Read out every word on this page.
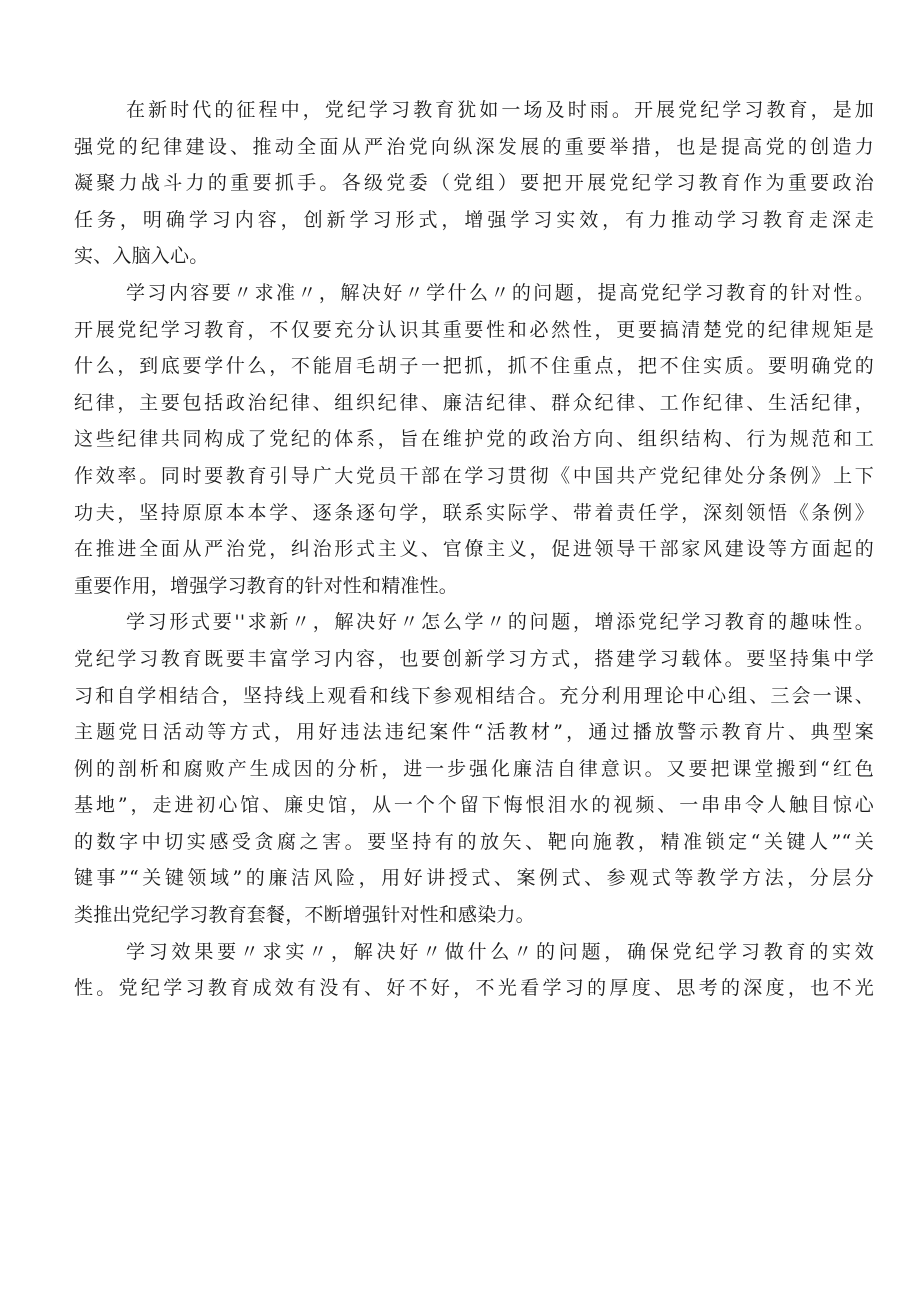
在新时代的征程中，党纪学习教育犹如一场及时雨。开展党纪学习教育，是加
强党的纪律建设、推动全面从严治党向纵深发展的重要举措，也是提高党的创造力
凝聚力战斗力的重要抓手。各级党委（党组）要把开展党纪学习教育作为重要政治
任务，明确学习内容，创新学习形式，增强学习实效，有力推动学习教育走深走
实、入脑入心。
学习内容要〃求准〃，解决好〃学什么〃的问题，提高党纪学习教育的针对性。
开展党纪学习教育，不仅要充分认识其重要性和必然性，更要搞清楚党的纪律规矩是
什么，到底要学什么，不能眉毛胡子一把抓，抓不住重点，把不住实质。要明确党的
纪律，主要包括政治纪律、组织纪律、廉洁纪律、群众纪律、工作纪律、生活纪律，
这些纪律共同构成了党纪的体系，旨在维护党的政治方向、组织结构、行为规范和工
作效率。同时要教育引导广大党员干部在学习贯彻《中国共产党纪律处分条例》上下
功夫，坚持原原本本学、逐条逐句学，联系实际学、带着责任学，深刻领悟《条例》
在推进全面从严治党，纠治形式主义、官僚主义，促进领导干部家风建设等方面起的
重要作用，增强学习教育的针对性和精准性。
学习形式要''求新〃，解决好〃怎么学〃的问题，增添党纪学习教育的趣味性。
党纪学习教育既要丰富学习内容，也要创新学习方式，搭建学习载体。要坚持集中学
习和自学相结合，坚持线上观看和线下参观相结合。充分利用理论中心组、三会一课、
主题党日活动等方式，用好违法违纪案件“活教材”，通过播放警示教育片、典型案
例的剖析和腐败产生成因的分析，进一步强化廉洁自律意识。又要把课堂搬到“红色
基地”，走进初心馆、廉史馆，从一个个留下悔恨泪水的视频、一串串令人触目惊心
的数字中切实感受贪腐之害。要坚持有的放矢、靶向施教，精准锁定“关键人”“关
键事”“关键领域”的廉洁风险，用好讲授式、案例式、参观式等教学方法，分层分
类推出党纪学习教育套餐，不断增强针对性和感染力。
学习效果要〃求实〃，解决好〃做什么〃的问题，确保党纪学习教育的实效
性。党纪学习教育成效有没有、好不好，不光看学习的厚度、思考的深度，也不光
